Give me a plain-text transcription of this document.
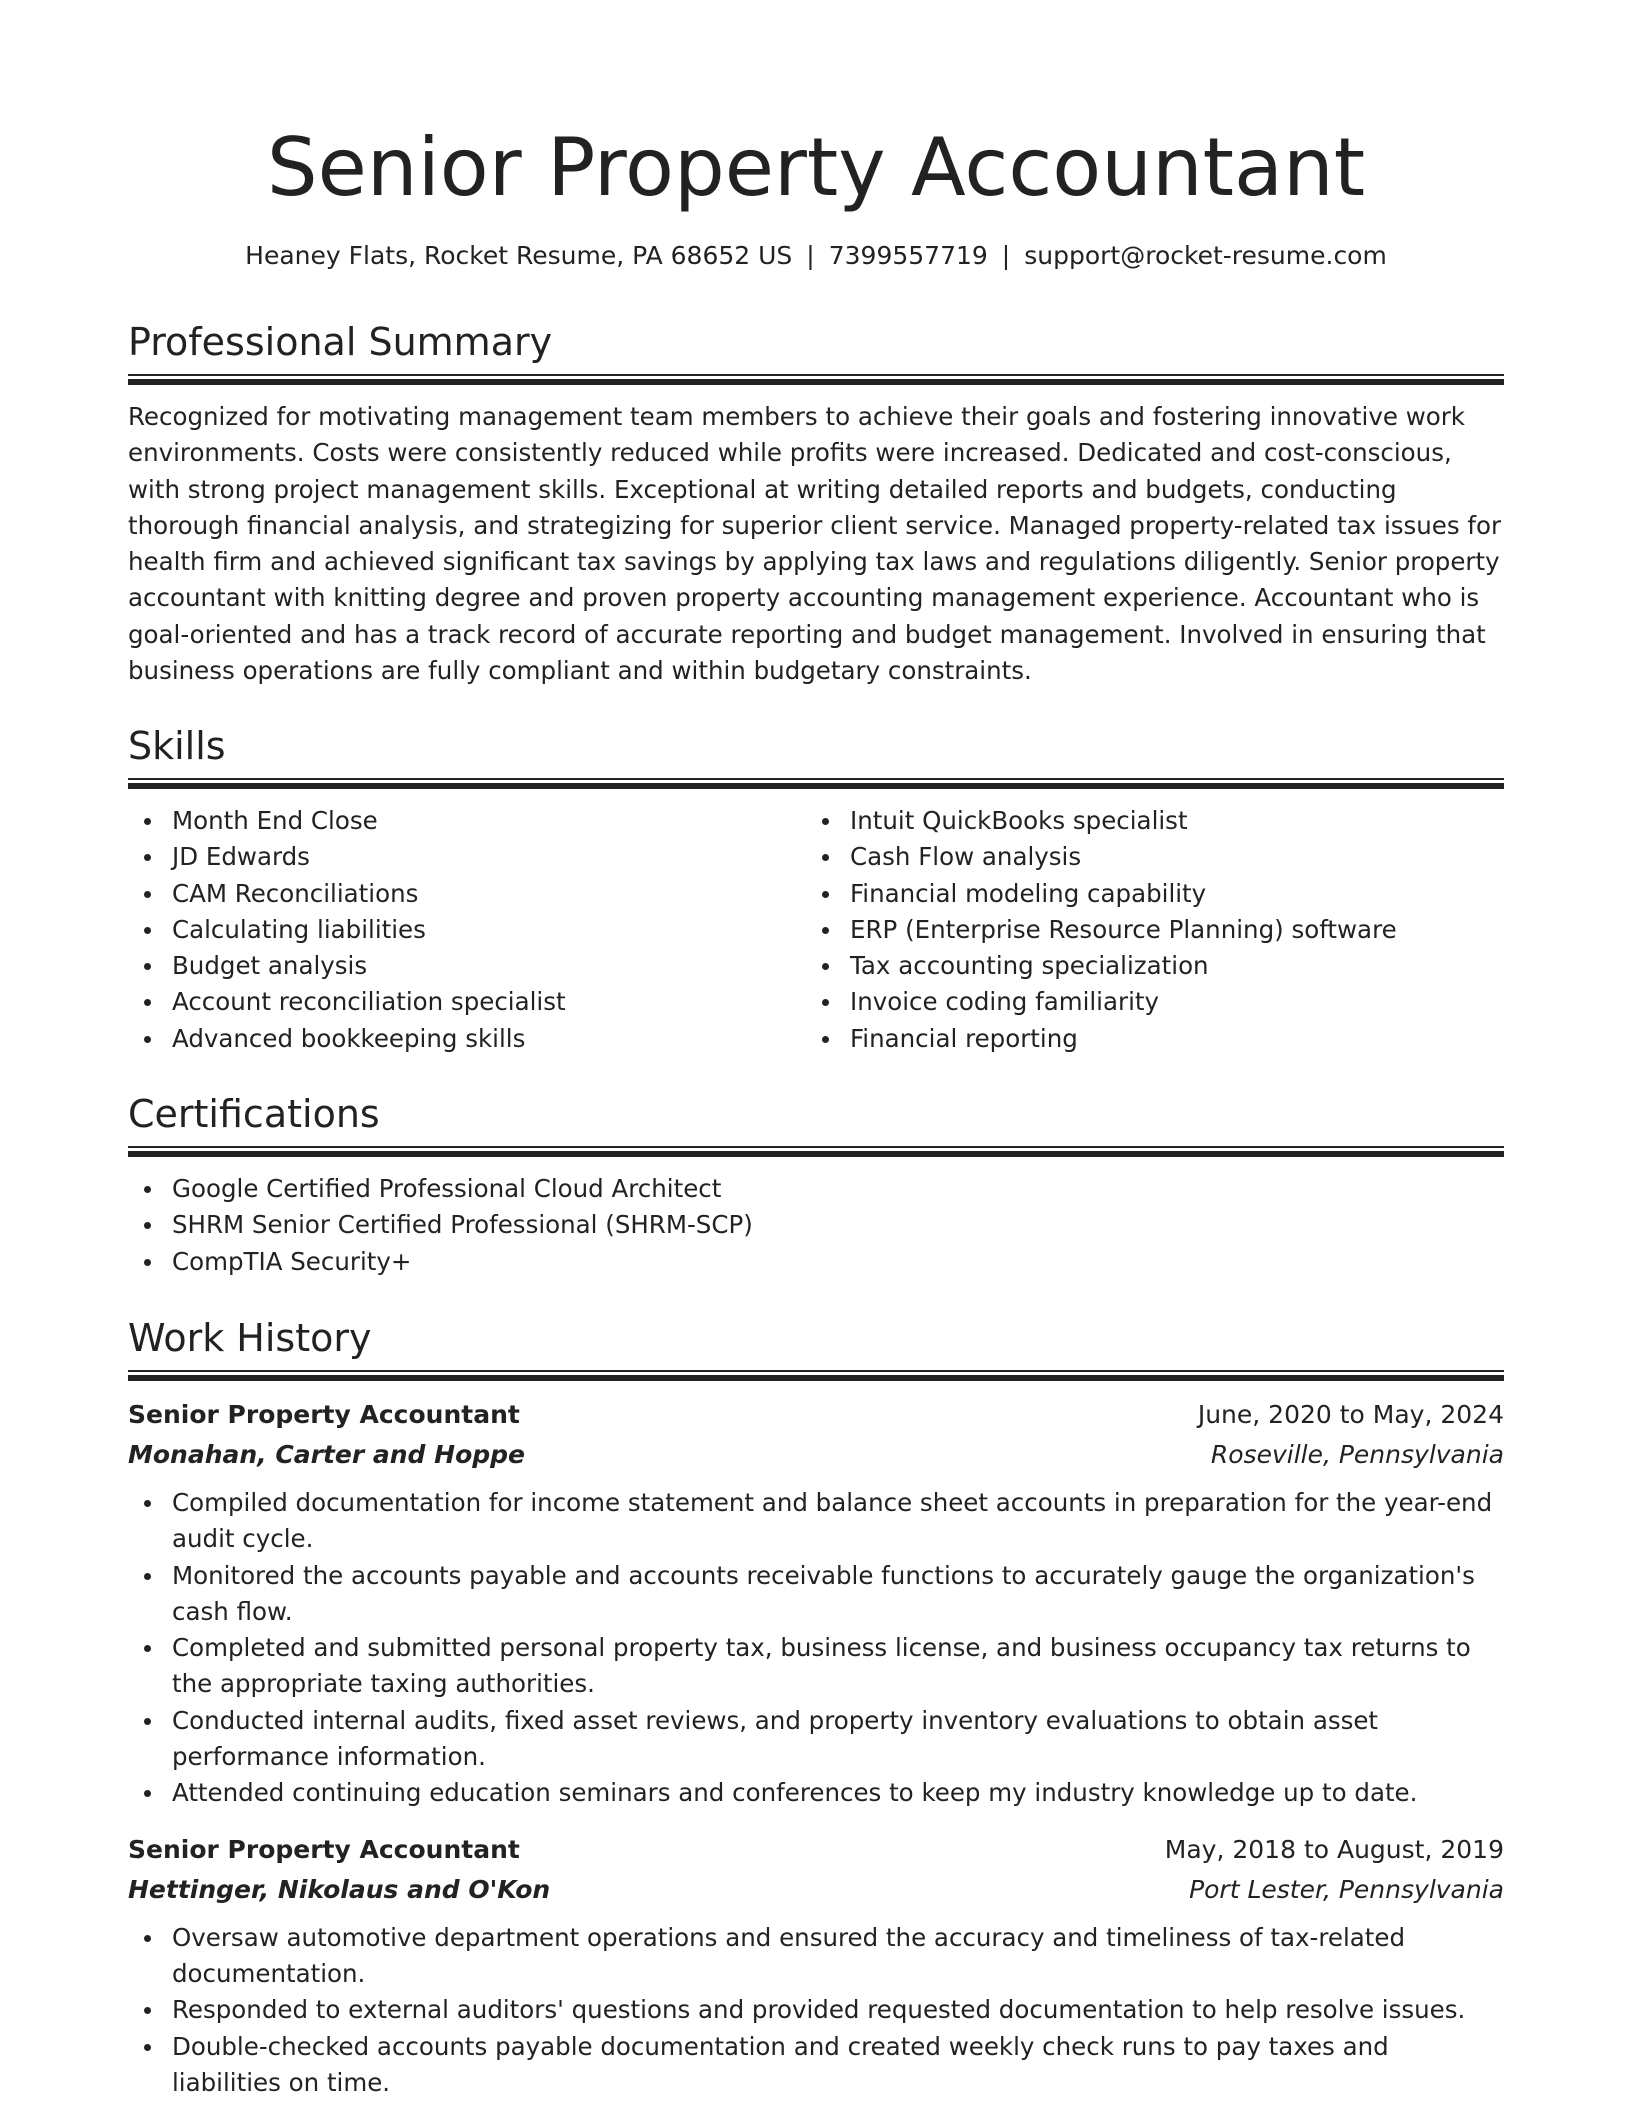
Senior Property Accountant
Heaney Flats, Rocket Resume, PA 68652 US | 7399557719 | support@rocket-resume.com
Professional Summary

Recognized for motivating management team members to achieve their goals and fostering innovative work environments. Costs were consistently reduced while profits were increased. Dedicated and cost-conscious, with strong project management skills. Exceptional at writing detailed reports and budgets, conducting thorough financial analysis, and strategizing for superior client service. Managed property-related tax issues for health firm and achieved significant tax savings by applying tax laws and regulations diligently. Senior property accountant with knitting degree and proven property accounting management experience. Accountant who is goal-oriented and has a track record of accurate reporting and budget management. Involved in ensuring that business operations are fully compliant and within budgetary constraints.

Skills
Month End Close
JD Edwards
CAM Reconciliations
Calculating liabilities
Budget analysis
Account reconciliation specialist
Advanced bookkeeping skills
Intuit QuickBooks specialist
Cash Flow analysis
Financial modeling capability
ERP (Enterprise Resource Planning) software
Tax accounting specialization
Invoice coding familiarity
Financial reporting
Certifications
Google Certified Professional Cloud Architect
SHRM Senior Certified Professional (SHRM-SCP)
CompTIA Security+
Work History
Senior Property Accountant	June, 2020 to May, 2024
Monahan, Carter and Hoppe	Roseville, Pennsylvania
Compiled documentation for income statement and balance sheet accounts in preparation for the year-end audit cycle.
Monitored the accounts payable and accounts receivable functions to accurately gauge the organization's cash flow.
Completed and submitted personal property tax, business license, and business occupancy tax returns to the appropriate taxing authorities.
Conducted internal audits, fixed asset reviews, and property inventory evaluations to obtain asset performance information.
Attended continuing education seminars and conferences to keep my industry knowledge up to date.
Senior Property Accountant	May, 2018 to August, 2019
Hettinger, Nikolaus and O'Kon	Port Lester, Pennsylvania
Oversaw automotive department operations and ensured the accuracy and timeliness of tax-related documentation.
Responded to external auditors' questions and provided requested documentation to help resolve issues.
Double-checked accounts payable documentation and created weekly check runs to pay taxes and liabilities on time.
